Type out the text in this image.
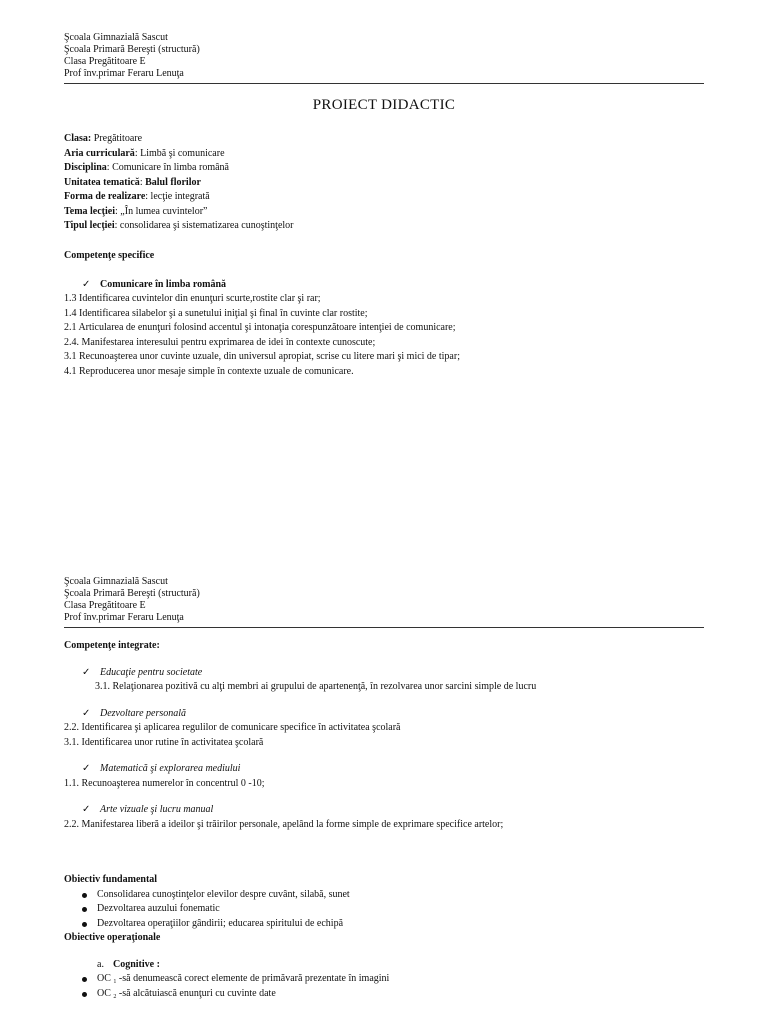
Şcoala Gimnazială Sascut
Şcoala Primară Bereşti (structură)
Clasa Pregătitoare E
Prof înv.primar Feraru Lenuţa
PROIECT DIDACTIC
Clasa: Pregătitoare
Aria curriculară: Limbă şi comunicare
Disciplina: Comunicare în limba română
Unitatea tematică: Balul florilor
Forma de realizare: lecţie integrată
Tema lecţiei: „În lumea cuvintelor”
Tipul lecţiei: consolidarea şi sistematizarea cunoştinţelor
Competenţe specifice
✓ Comunicare în limba română
1.3 Identificarea cuvintelor din enunţuri scurte,rostite clar şi rar;
1.4 Identificarea silabelor şi a sunetului iniţial şi final în cuvinte clar rostite;
2.1 Articularea de enunţuri folosind accentul şi intonaţia corespunzătoare intenţiei de comunicare;
2.4. Manifestarea interesului pentru exprimarea de idei în contexte cunoscute;
3.1 Recunoaşterea unor cuvinte uzuale, din universul apropiat, scrise cu litere mari şi mici de tipar;
4.1 Reproducerea unor mesaje simple în contexte uzuale de comunicare.
Şcoala Gimnazială Sascut
Şcoala Primară Bereşti (structură)
Clasa Pregătitoare E
Prof înv.primar Feraru Lenuţa
Competenţe integrate:
✓ Educaţie pentru societate
3.1. Relaţionarea pozitivă cu alţi membri ai grupului de apartenenţă, în rezolvarea unor sarcini simple de lucru
✓ Dezvoltare personală
2.2. Identificarea şi aplicarea regulilor de comunicare specifice în activitatea şcolară
3.1. Identificarea unor rutine în activitatea şcolară
✓ Matematică şi explorarea mediului
1.1. Recunoaşterea numerelor în concentrul 0 -10;
✓ Arte vizuale şi lucru manual
2.2. Manifestarea liberă a ideilor şi trăirilor personale, apelând la forme simple de exprimare specifice artelor;
Obiectiv fundamental
Consolidarea cunoştinţelor elevilor despre cuvânt, silabă, sunet
Dezvoltarea auzului fonematic
Dezvoltarea operaţiilor gândirii; educarea spiritului de echipă
Obiective operaţionale
a. Cognitive :
OC $_1$ -să denumească corect elemente de primăvară prezentate în imagini
OC $_2$ -să alcătuiască enunţuri cu cuvinte date
